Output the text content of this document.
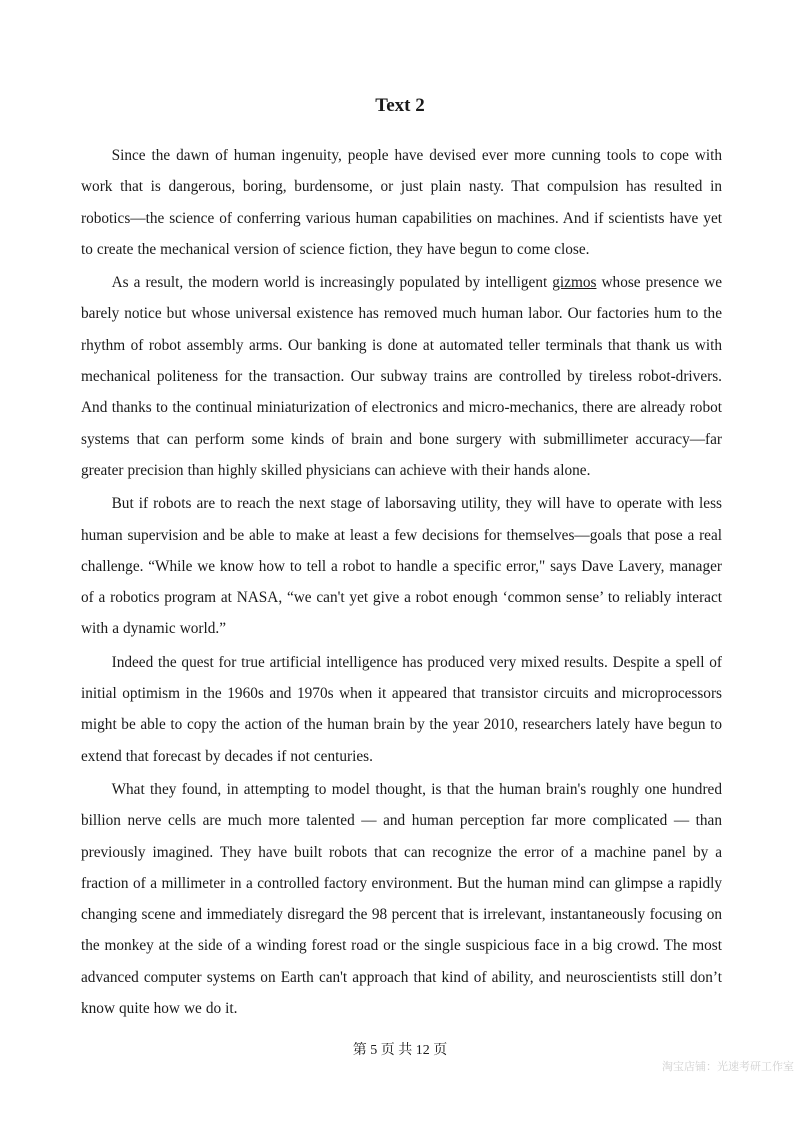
Text 2

Since the dawn of human ingenuity, people have devised ever more cunning tools to cope with work that is dangerous, boring, burdensome, or just plain nasty. That compulsion has resulted in robotics—the science of conferring various human capabilities on machines. And if scientists have yet to create the mechanical version of science fiction, they have begun to come close.

As a result, the modern world is increasingly populated by intelligent gizmos whose presence we barely notice but whose universal existence has removed much human labor. Our factories hum to the rhythm of robot assembly arms. Our banking is done at automated teller terminals that thank us with mechanical politeness for the transaction. Our subway trains are controlled by tireless robot-drivers. And thanks to the continual miniaturization of electronics and micro-mechanics, there are already robot systems that can perform some kinds of brain and bone surgery with submillimeter accuracy—far greater precision than highly skilled physicians can achieve with their hands alone.

But if robots are to reach the next stage of laborsaving utility, they will have to operate with less human supervision and be able to make at least a few decisions for themselves—goals that pose a real challenge. “While we know how to tell a robot to handle a specific error," says Dave Lavery, manager of a robotics program at NASA, “we can't yet give a robot enough ‘common sense’ to reliably interact with a dynamic world.”

Indeed the quest for true artificial intelligence has produced very mixed results. Despite a spell of initial optimism in the 1960s and 1970s when it appeared that transistor circuits and microprocessors might be able to copy the action of the human brain by the year 2010, researchers lately have begun to extend that forecast by decades if not centuries.

What they found, in attempting to model thought, is that the human brain's roughly one hundred billion nerve cells are much more talented — and human perception far more complicated — than previously imagined. They have built robots that can recognize the error of a machine panel by a fraction of a millimeter in a controlled factory environment. But the human mind can glimpse a rapidly changing scene and immediately disregard the 98 percent that is irrelevant, instantaneously focusing on the monkey at the side of a winding forest road or the single suspicious face in a big crowd. The most advanced computer systems on Earth can't approach that kind of ability, and neuroscientists still don’t know quite how we do it.

第 5 页 共 12 页
淘宝店铺：光速考研工作室
